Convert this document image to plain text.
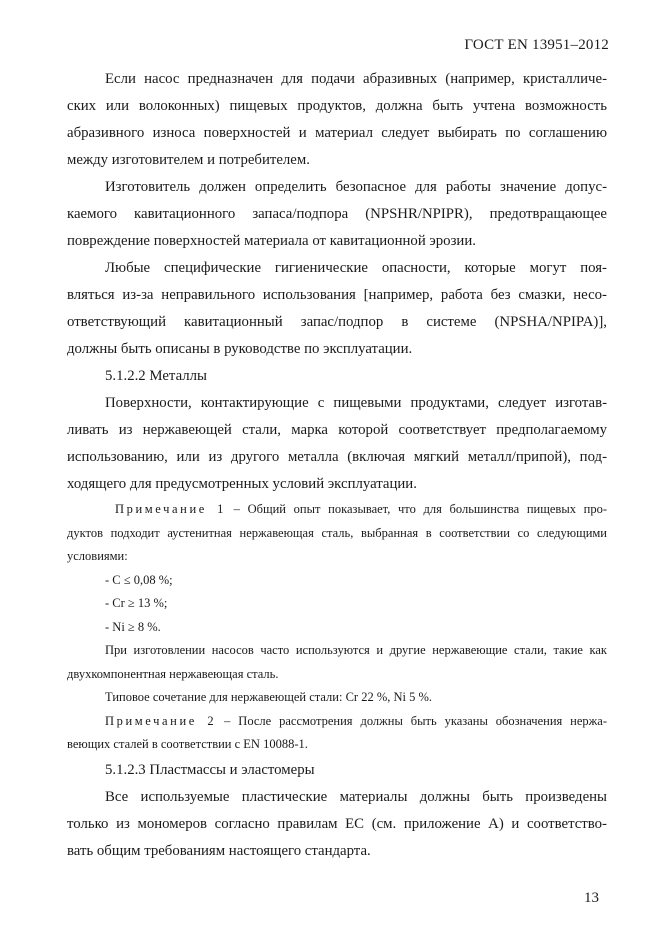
ГОСТ EN 13951–2012
Если насос предназначен для подачи абразивных (например, кристалличе-
ских или волоконных) пищевых продуктов, должна быть учтена возможность
абразивного износа поверхностей и материал следует выбирать по соглашению
между изготовителем и потребителем.
Изготовитель должен определить безопасное для работы значение допус-
каемого кавитационного запаса/подпора (NPSHR/NPIPR), предотвращающее
повреждение поверхностей материала от кавитационной эрозии.
Любые специфические гигиенические опасности, которые могут поя-
вляться из-за неправильного использования [например, работа без смазки, несо-
ответствующий кавитационный запас/подпор в системе (NPSHA/NPIPA)],
должны быть описаны в руководстве по эксплуатации.
5.1.2.2 Металлы
Поверхности, контактирующие с пищевыми продуктами, следует изготав-
ливать из нержавеющей стали, марка которой соответствует предполагаемому
использованию, или из другого металла (включая мягкий металл/припой), под-
ходящего для предусмотренных условий эксплуатации.
Примечание 1 – Общий опыт показывает, что для большинства пищевых про-
дуктов подходит аустенитная нержавеющая сталь, выбранная в соответствии со следующими
условиями:
- C ≤ 0,08 %;
- Cr ≥ 13 %;
- Ni ≥ 8 %.
При изготовлении насосов часто используются и другие нержавеющие стали, такие как
двухкомпонентная нержавеющая сталь.
Типовое сочетание для нержавеющей стали: Cr 22 %, Ni 5 %.
Примечание 2 – После рассмотрения должны быть указаны обозначения нержа-
веющих сталей в соответствии с EN 10088-1.
5.1.2.3 Пластмассы и эластомеры
Все используемые пластические материалы должны быть произведены
только из мономеров согласно правилам ЕС (см. приложение А) и соответство-
вать общим требованиям настоящего стандарта.
13
